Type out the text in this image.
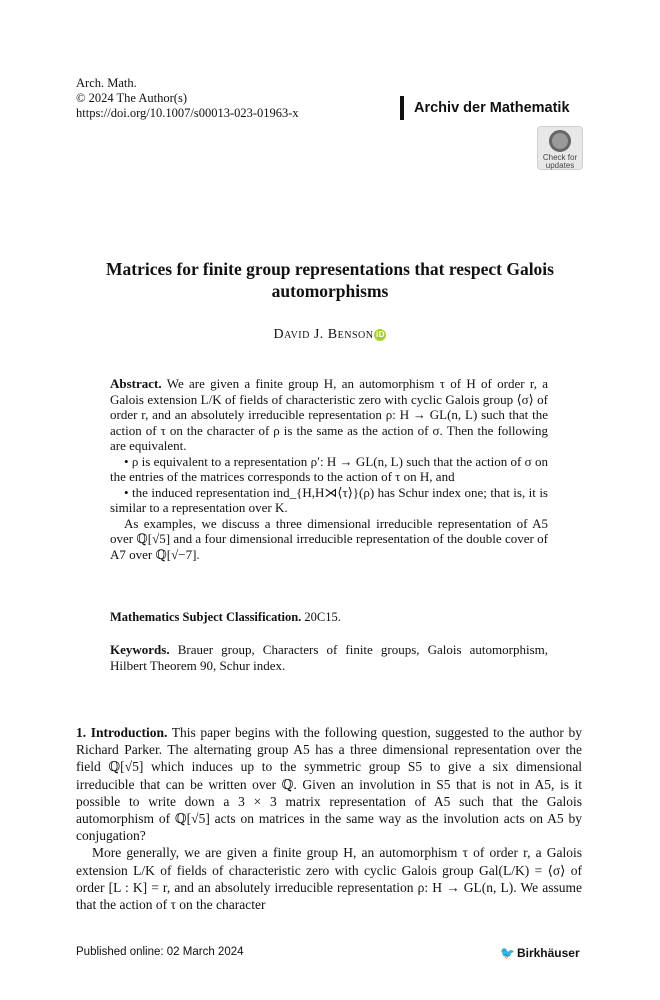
Arch. Math.
© 2024 The Author(s)
https://doi.org/10.1007/s00013-023-01963-x	Archiv der Mathematik
Check for
updates
Matrices for finite group representations that respect Galois automorphisms
David J. Benson iD

Abstract. We are given a finite group H, an automorphism τ of H of order r, a Galois extension L/K of fields of characteristic zero with cyclic Galois group ⟨σ⟩ of order r, and an absolutely irreducible representation ρ: H → GL(n, L) such that the action of τ on the character of ρ is the same as the action of σ. Then the following are equivalent.

• ρ is equivalent to a representation ρ′: H → GL(n, L) such that the action of σ on the entries of the matrices corresponds to the action of τ on H, and

• the induced representation ind_{H,H⋊⟨τ⟩}(ρ) has Schur index one; that is, it is similar to a representation over K.

As examples, we discuss a three dimensional irreducible representation of A5 over ℚ[√5] and a four dimensional irreducible representation of the double cover of A7 over ℚ[√−7].

Mathematics Subject Classification. 20C15.
Keywords. Brauer group, Characters of finite groups, Galois automorphism, Hilbert Theorem 90, Schur index.

1. Introduction. This paper begins with the following question, suggested to the author by Richard Parker. The alternating group A5 has a three dimensional representation over the field ℚ[√5] which induces up to the symmetric group S5 to give a six dimensional irreducible that can be written over ℚ. Given an involution in S5 that is not in A5, is it possible to write down a 3 × 3 matrix representation of A5 such that the Galois automorphism of ℚ[√5] acts on matrices in the same way as the involution acts on A5 by conjugation?

More generally, we are given a finite group H, an automorphism τ of order r, a Galois extension L/K of fields of characteristic zero with cyclic Galois group Gal(L/K) = ⟨σ⟩ of order [L : K] = r, and an absolutely irreducible representation ρ: H → GL(n, L). We assume that the action of τ on the character

Published online: 02 March 2024	🐦 Birkhäuser
